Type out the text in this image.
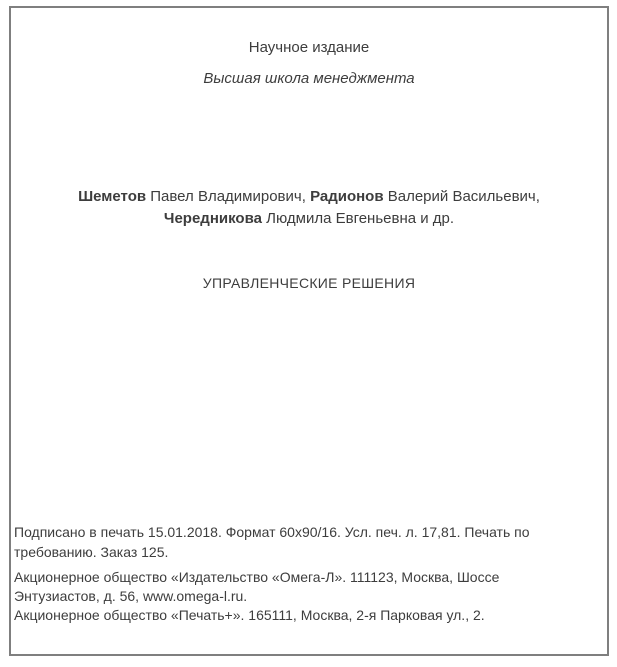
Научное издание
Высшая школа менеджмента
Шеметов Павел Владимирович, Радионов Валерий Васильевич,
Чередникова Людмила Евгеньевна и др.
УПРАВЛЕНЧЕСКИЕ РЕШЕНИЯ
Подписано в печать 15.01.2018. Формат 60x90/16. Усл. печ. л. 17,81. Печать по
требованию. Заказ 125.
Акционерное общество «Издательство «Омега-Л». 111123, Москва, Шоссе
Энтузиастов, д. 56, www.omega-l.ru.
Акционерное общество «Печать+». 165111, Москва, 2-я Парковая ул., 2.
